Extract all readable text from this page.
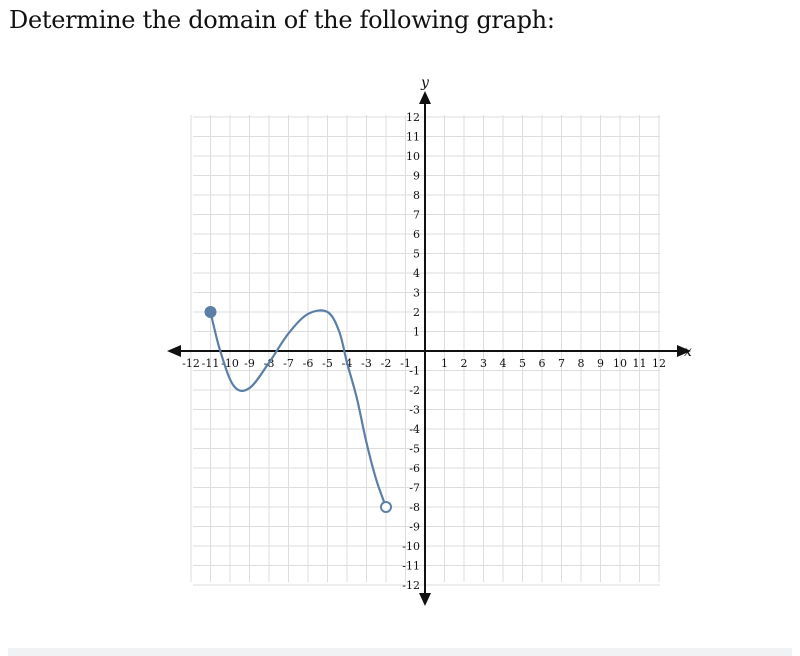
Determine the domain of the following graph:
x
y
-12 -11 -10 -9 -8 -7 -6 -5 -4 -3 -2 -1	1 2 3 4 5 6 7 8 9 10 11 12
12
11
10
9
8
7
6
5
4
3
2
1
-1
-2
-3
-4
-5
-6
-7
-8
-9
-10
-11
-12
